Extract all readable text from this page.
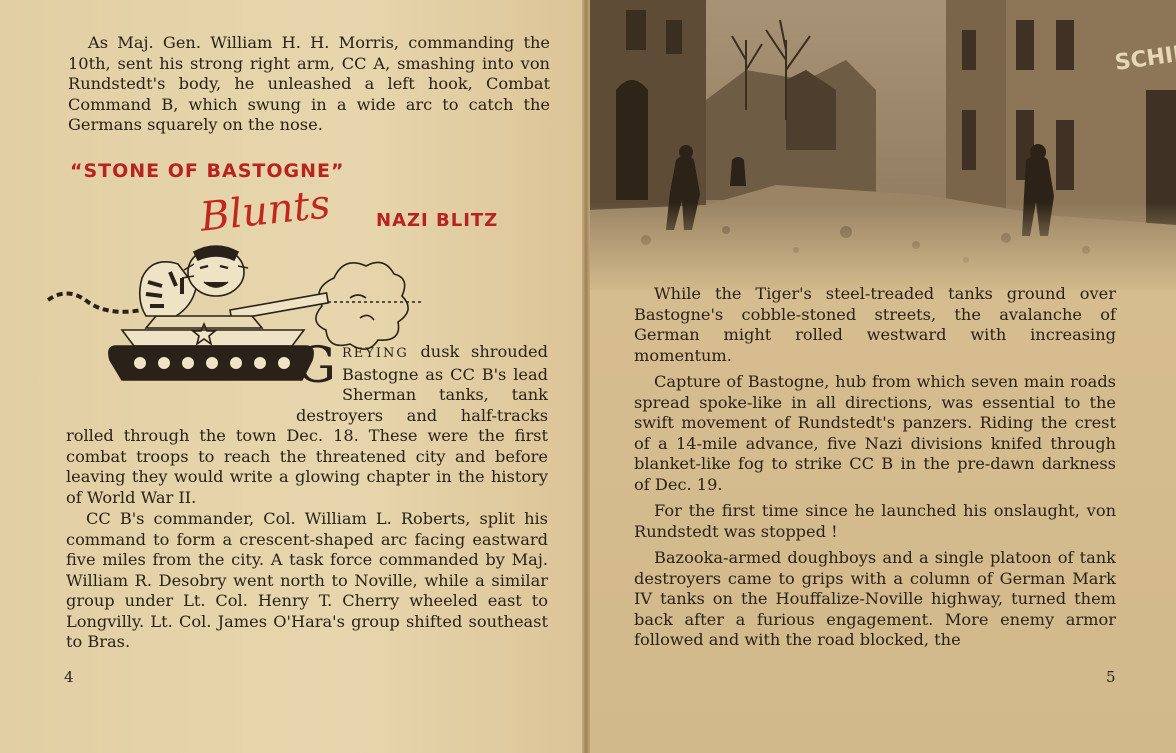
As Maj. Gen. William H. H. Morris, commanding the 10th, sent his strong right arm, CC A, smashing into von Rundstedt's body, he unleashed a left hook, Combat Command B, which swung in a wide arc to catch the Germans squarely on the nose.

“STONE OF BASTOGNE”
Blunts NAZI BLITZ
GREYING dusk shrouded Bastogne as CC B's lead Sherman tanks, tank destroyers and half-tracks rolled through the town Dec. 18. These were the first combat troops to reach the threatened city and before leaving they would write a glowing chapter in the history of World War II.

CC B's commander, Col. William L. Roberts, split his command to form a crescent-shaped arc facing eastward five miles from the city. A task force commanded by Maj. William R. Desobry went north to Noville, while a similar group under Lt. Col. Henry T. Cherry wheeled east to Longvilly. Lt. Col. James O'Hara's group shifted southeast to Bras.

4

While the Tiger's steel-treaded tanks ground over Bastogne's cobble-stoned streets, the avalanche of German might rolled westward with increasing momentum.

Capture of Bastogne, hub from which seven main roads spread spoke-like in all directions, was essential to the swift movement of Rundstedt's panzers. Riding the crest of a 14-mile advance, five Nazi divisions knifed through blanket-like fog to strike CC B in the pre-dawn darkness of Dec. 19.

For the first time since he launched his onslaught, von Rundstedt was stopped !

Bazooka-armed doughboys and a single platoon of tank destroyers came to grips with a column of German Mark IV tanks on the Houffalize-Noville highway, turned them back after a furious engagement. More enemy armor followed and with the road blocked, the

5
